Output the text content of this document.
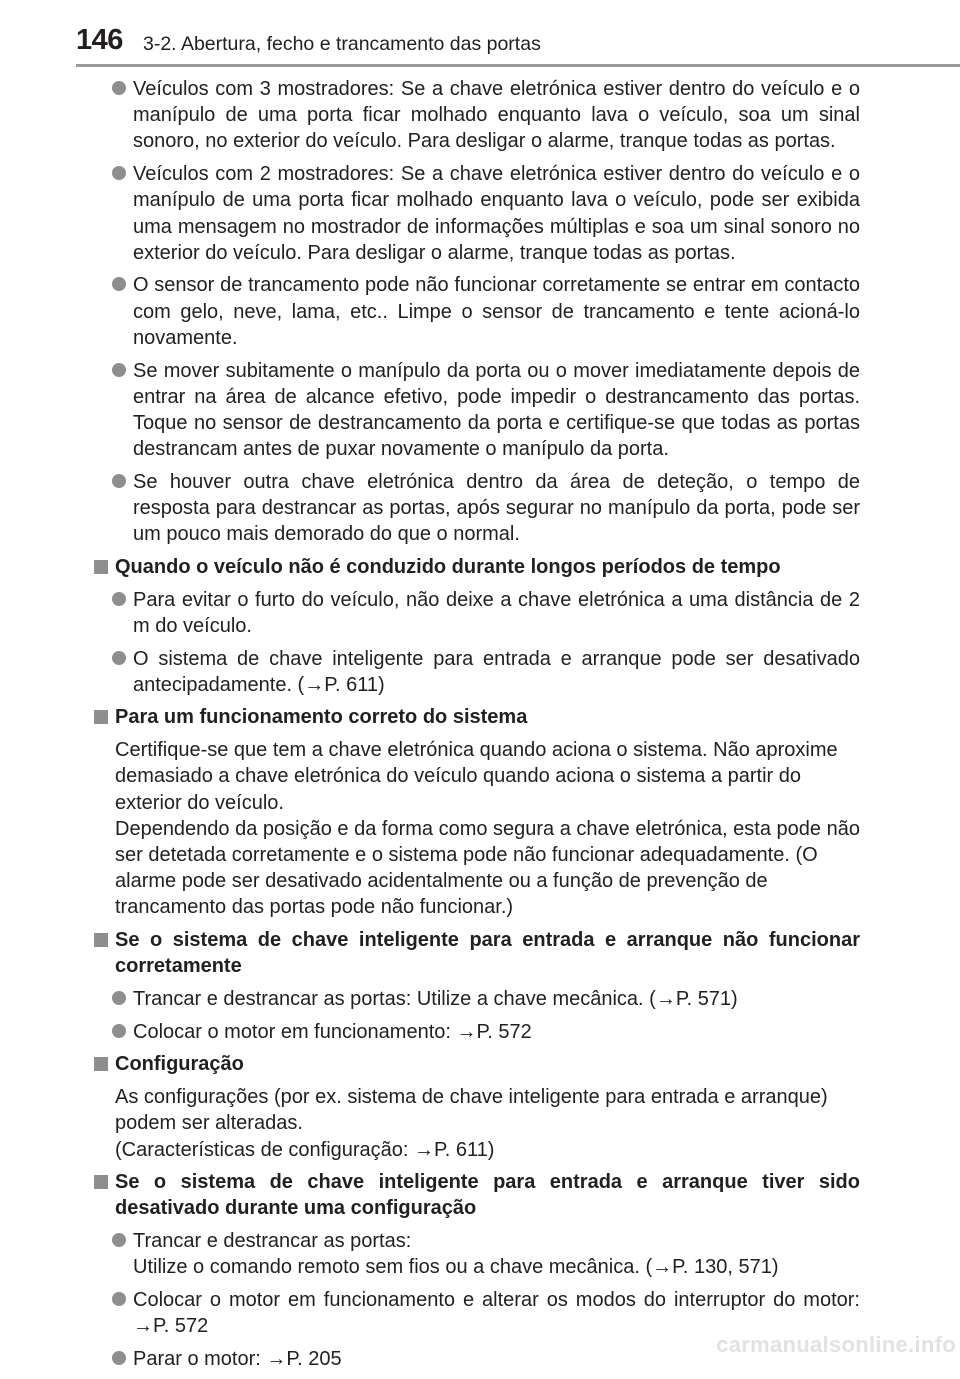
146 3-2. Abertura, fecho e trancamento das portas
Veículos com 3 mostradores: Se a chave eletrónica estiver dentro do veículo e o manípulo de uma porta ficar molhado enquanto lava o veículo, soa um sinal sonoro, no exterior do veículo. Para desligar o alarme, tranque todas as portas.
Veículos com 2 mostradores: Se a chave eletrónica estiver dentro do veículo e o manípulo de uma porta ficar molhado enquanto lava o veículo, pode ser exibida uma mensagem no mostrador de informações múltiplas e soa um sinal sonoro no exterior do veículo. Para desligar o alarme, tranque todas as portas.
O sensor de trancamento pode não funcionar corretamente se entrar em contacto com gelo, neve, lama, etc.. Limpe o sensor de trancamento e tente acioná-lo novamente.
Se mover subitamente o manípulo da porta ou o mover imediatamente depois de entrar na área de alcance efetivo, pode impedir o destrancamento das portas. Toque no sensor de destrancamento da porta e certifique-se que todas as portas destrancam antes de puxar novamente o manípulo da porta.
Se houver outra chave eletrónica dentro da área de deteção, o tempo de resposta para destrancar as portas, após segurar no manípulo da porta, pode ser um pouco mais demorado do que o normal.
Quando o veículo não é conduzido durante longos períodos de tempo
Para evitar o furto do veículo, não deixe a chave eletrónica a uma distância de 2 m do veículo.
O sistema de chave inteligente para entrada e arranque pode ser desativado antecipadamente. (→P. 611)
Para um funcionamento correto do sistema
Certifique-se que tem a chave eletrónica quando aciona o sistema. Não aproxime demasiado a chave eletrónica do veículo quando aciona o sistema a partir do exterior do veículo.
Dependendo da posição e da forma como segura a chave eletrónica, esta pode não ser detetada corretamente e o sistema pode não funcionar adequadamente. (O alarme pode ser desativado acidentalmente ou a função de prevenção de trancamento das portas pode não funcionar.)
Se o sistema de chave inteligente para entrada e arranque não funcionar corretamente
Trancar e destrancar as portas: Utilize a chave mecânica. (→P. 571)
Colocar o motor em funcionamento: →P. 572
Configuração
As configurações (por ex. sistema de chave inteligente para entrada e arranque) podem ser alteradas.
(Características de configuração: →P. 611)
Se o sistema de chave inteligente para entrada e arranque tiver sido desativado durante uma configuração
Trancar e destrancar as portas:
Utilize o comando remoto sem fios ou a chave mecânica. (→P. 130, 571)
Colocar o motor em funcionamento e alterar os modos do interruptor do motor: →P. 572
Parar o motor: →P. 205
carmanualsonline.info
